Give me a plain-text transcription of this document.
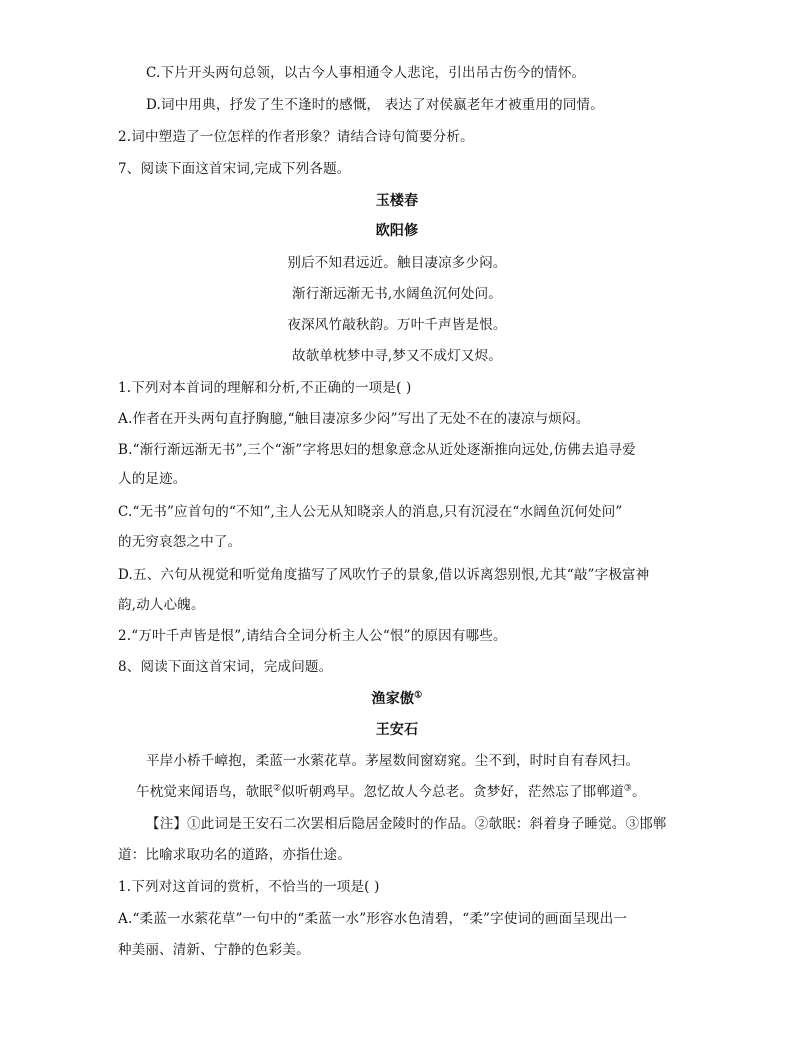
C.下片开头两句总领，以古今人事相通令人悲诧，引出吊古伤今的情怀。
D.词中用典，抒发了生不逢时的感慨， 表达了对侯嬴老年才被重用的同情。
2.词中塑造了一位怎样的作者形象？请结合诗句简要分析。
7、阅读下面这首宋词,完成下列各题。
玉楼春
欧阳修
别后不知君远近。触目凄凉多少闷。
渐行渐远渐无书,水阔鱼沉何处问。
夜深风竹敲秋韵。万叶千声皆是恨。
故欹单枕梦中寻,梦又不成灯又烬。
1.下列对本首词的理解和分析,不正确的一项是( )
A.作者在开头两句直抒胸臆,“触目凄凉多少闷”写出了无处不在的凄凉与烦闷。
B.“渐行渐远渐无书”,三个“渐”字将思妇的想象意念从近处逐渐推向远处,仿佛去追寻爱
人的足迹。
C.“无书”应首句的“不知”,主人公无从知晓亲人的消息,只有沉浸在“水阔鱼沉何处问”
的无穷哀怨之中了。
D.五、六句从视觉和听觉角度描写了风吹竹子的景象,借以诉离怨别恨,尤其“敲”字极富神
韵,动人心魄。
2.“万叶千声皆是恨”,请结合全词分析主人公“恨”的原因有哪些。
8、阅读下面这首宋词，完成问题。
渔家傲①
王安石
平岸小桥千嶂抱，柔蓝一水萦花草。茅屋数间窗窈窕。尘不到，时时自有春风扫。
午枕觉来闻语鸟，欹眠②似听朝鸡早。忽忆故人今总老。贪梦好，茫然忘了邯郸道③。
【注】①此词是王安石二次罢相后隐居金陵时的作品。②欹眠：斜着身子睡觉。③邯郸
道：比喻求取功名的道路，亦指仕途。
1.下列对这首词的赏析，不恰当的一项是( )
A.“柔蓝一水萦花草”一句中的“柔蓝一水”形容水色清碧，“柔”字使词的画面呈现出一
种美丽、清新、宁静的色彩美。
